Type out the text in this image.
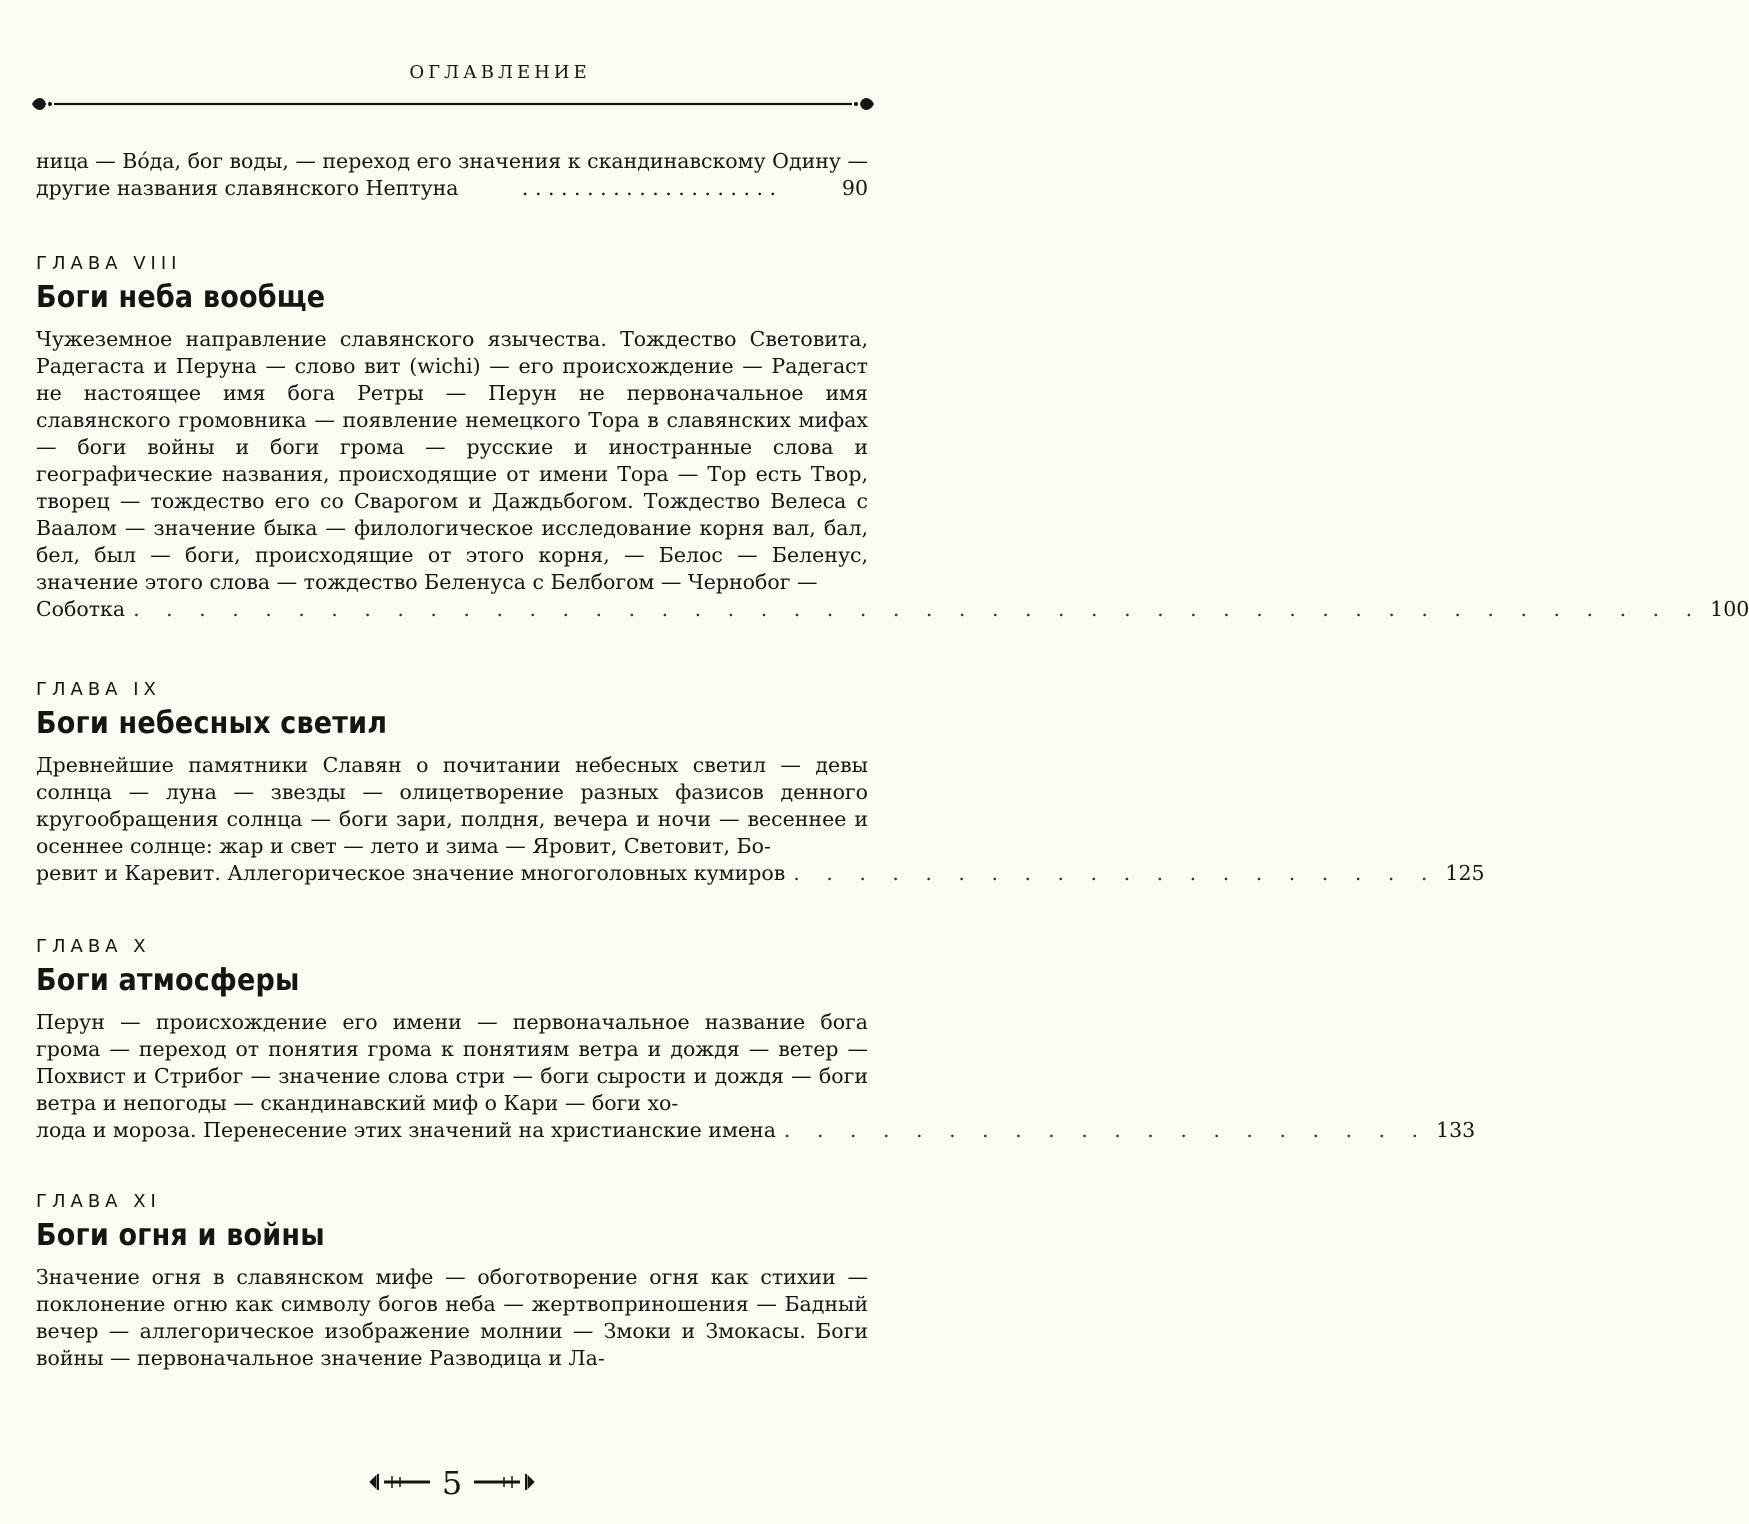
ОГЛАВЛЕНИЕ

ница — Вóда, бог воды, — переход его значения к скандинавскому Одину — другие названия славянского Нептуна	. . . . . . . . . . . . . . . . . . . .	90
ГЛАВА VIII
Боги неба вообще

Чужеземное направление славянского язычества. Тождество Световита, Радегаста и Перуна — слово вит (wichi) — его происхождение — Радегаст не настоящее имя бога Ретры — Перун не первоначальное имя славянского громовника — появление немецкого Тора в славянских мифах — боги войны и боги грома — русские и иностранные слова и географические названия, происходящие от имени Тора — Тор есть Твор, творец — тождество его со Сварогом и Даждьбогом. Тождество Велеса с Ваалом — значение быка — филологическое исследование корня вал, бал, бел, был — боги, происходящие от этого корня, — Белос — Беленус, значение этого слова — тождество Беленуса с Белбогом — Чернобог —

Соботка . . . . . . . . . . . . . . . . . . . . . . . . . . . . . . . . . . . . . . . . . . . . . . . . 100
ГЛАВА IX
Боги небесных светил

Древнейшие памятники Славян о почитании небесных светил — девы солнца — луна — звезды — олицетворение разных фазисов денного кругообращения солнца — боги зари, полдня, вечера и ночи — весеннее и осеннее солнце: жар и свет — лето и зима — Яровит, Световит, Бо-

ревит и Каревит. Аллегорическое значение многоголовных кумиров . . . . . . . . . . . . . . . . . . . . 125
ГЛАВА X
Боги атмосферы

Перун — происхождение его имени — первоначальное название бога грома — переход от понятия грома к понятиям ветра и дождя — ветер — Похвист и Стрибог — значение слова стри — боги сырости и дождя — боги ветра и непогоды — скандинавский миф о Кари — боги хо-

лода и мороза. Перенесение этих значений на христианские имена . . . . . . . . . . . . . . . . . . . . 133
ГЛАВА XI
Боги огня и войны

Значение огня в славянском мифе — обоготворение огня как стихии — поклонение огню как символу богов неба — жертвоприношения — Бадный вечер — аллегорическое изображение молнии — Змоки и Змокасы. Боги войны — первоначальное значение Разводица и Ла-

5
